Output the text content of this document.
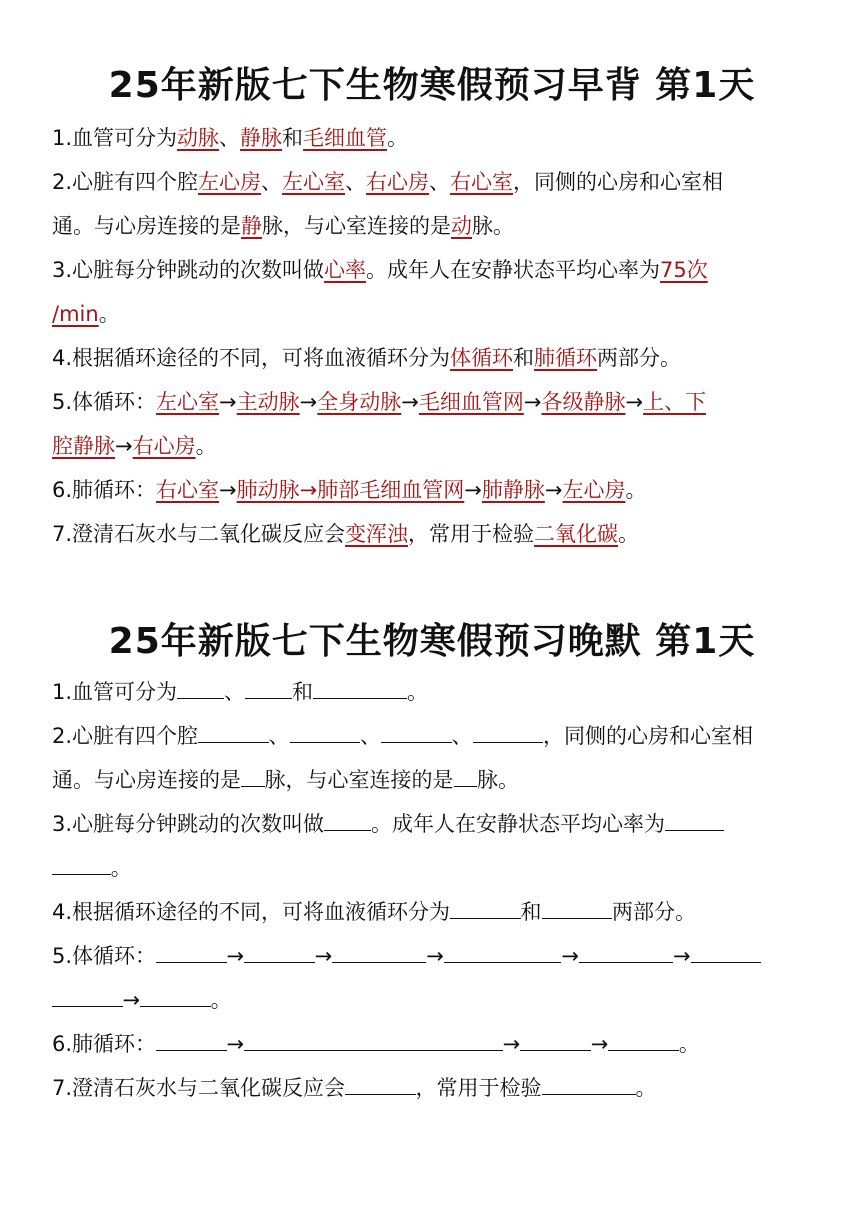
25年新版七下生物寒假预习早背 第1天
1.血管可分为动脉、静脉和毛细血管。
2.心脏有四个腔左心房、左心室、右心房、右心室，同侧的心房和心室相
通。与心房连接的是静脉，与心室连接的是动脉。
3.心脏每分钟跳动的次数叫做心率。成年人在安静状态平均心率为75次
/min。
4.根据循环途径的不同，可将血液循环分为体循环和肺循环两部分。
5.体循环：左心室→主动脉→全身动脉→毛细血管网→各级静脉→上、下
腔静脉→右心房。
6.肺循环：右心室→肺动脉→肺部毛细血管网→肺静脉→左心房。
7.澄清石灰水与二氧化碳反应会变浑浊，常用于检验二氧化碳。
25年新版七下生物寒假预习晚默 第1天
1.血管可分为 、 和	。
2.心脏有四个腔	、	、	、	，同侧的心房和心室相
通。与心房连接的是 脉，与心室连接的是 脉。
3.心脏每分钟跳动的次数叫做 。成年人在安静状态平均心率为
。
4.根据循环途径的不同，可将血液循环分为	和	两部分。
5.体循环：	→	→	→	→	→
→	。
6.肺循环：	→	→	→	。
7.澄清石灰水与二氧化碳反应会	，常用于检验	。
